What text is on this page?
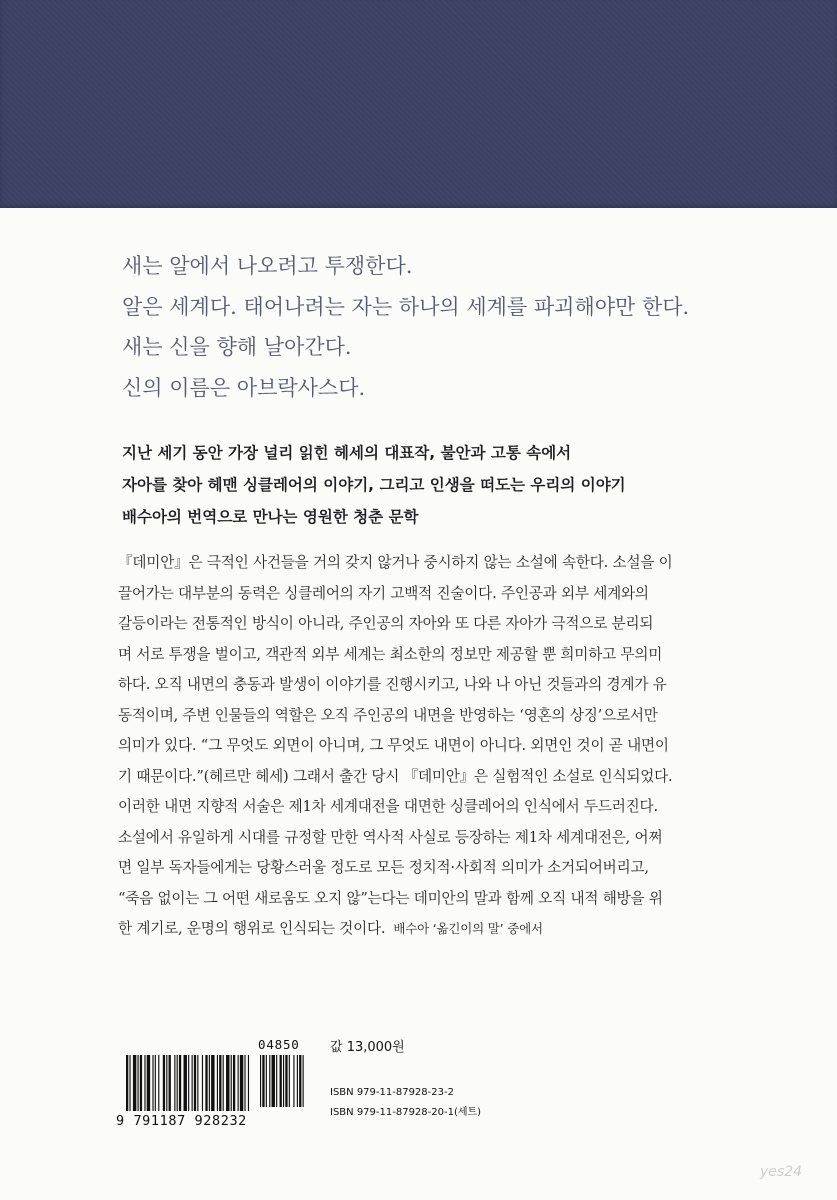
새는 알에서 나오려고 투쟁한다.
알은 세계다. 태어나려는 자는 하나의 세계를 파괴해야만 한다.
새는 신을 향해 날아간다.
신의 이름은 아브락사스다.
지난 세기 동안 가장 널리 읽힌 헤세의 대표작, 불안과 고통 속에서
자아를 찾아 헤맨 싱클레어의 이야기, 그리고 인생을 떠도는 우리의 이야기
배수아의 번역으로 만나는 영원한 청춘 문학
『데미안』은 극적인 사건들을 거의 갖지 않거나 중시하지 않는 소설에 속한다. 소설을 이
끌어가는 대부분의 동력은 싱클레어의 자기 고백적 진술이다. 주인공과 외부 세계와의
갈등이라는 전통적인 방식이 아니라, 주인공의 자아와 또 다른 자아가 극적으로 분리되
며 서로 투쟁을 벌이고, 객관적 외부 세계는 최소한의 정보만 제공할 뿐 희미하고 무의미
하다. 오직 내면의 충동과 발생이 이야기를 진행시키고, 나와 나 아닌 것들과의 경계가 유
동적이며, 주변 인물들의 역할은 오직 주인공의 내면을 반영하는 ‘영혼의 상징’으로서만
의미가 있다. “그 무엇도 외면이 아니며, 그 무엇도 내면이 아니다. 외면인 것이 곧 내면이
기 때문이다.”(헤르만 헤세) 그래서 출간 당시 『데미안』은 실험적인 소설로 인식되었다.
이러한 내면 지향적 서술은 제1차 세계대전을 대면한 싱클레어의 인식에서 두드러진다.
소설에서 유일하게 시대를 규정할 만한 역사적 사실로 등장하는 제1차 세계대전은, 어쩌
면 일부 독자들에게는 당황스러울 정도로 모든 정치적·사회적 의미가 소거되어버리고,
“죽음 없이는 그 어떤 새로움도 오지 않”는다는 데미안의 말과 함께 오직 내적 해방을 위
한 계기로, 운명의 행위로 인식되는 것이다. 배수아 ‘옮긴이의 말’ 중에서
9 791187 928232
04850 값 13,000원
ISBN 979-11-87928-23-2
ISBN 979-11-87928-20-1(세트)
yes24
